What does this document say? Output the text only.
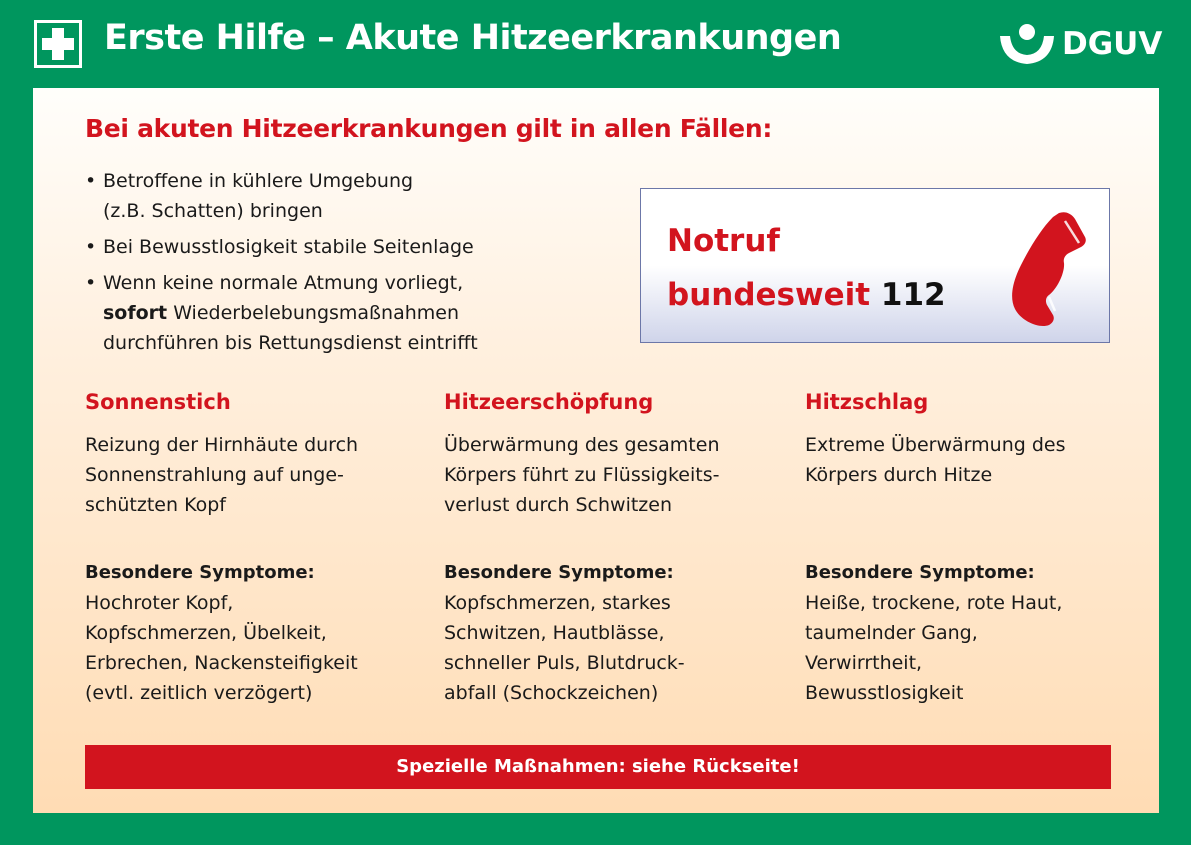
Erste Hilfe – Akute Hitzeerkrankungen	DGUV
Bei akuten Hitzeerkrankungen gilt in allen Fällen:
• Betroffene in kühlere Umgebung
(z.B. Schatten) bringen
• Bei Bewusstlosigkeit stabile Seitenlage
• Wenn keine normale Atmung vorliegt,
sofort Wiederbelebungsmaßnahmen
durchführen bis Rettungsdienst eintrifft
Notruf
bundesweit 112
Sonnenstich
Reizung der Hirnhäute durch
Sonnenstrahlung auf unge-
schützten Kopf
Besondere Symptome:
Hochroter Kopf,
Kopfschmerzen, Übelkeit,
Erbrechen, Nackensteifigkeit
(evtl. zeitlich verzögert)
Hitzeerschöpfung
Überwärmung des gesamten
Körpers führt zu Flüssigkeits-
verlust durch Schwitzen
Besondere Symptome:
Kopfschmerzen, starkes
Schwitzen, Hautblässe,
schneller Puls, Blutdruck-
abfall (Schockzeichen)
Hitzschlag
Extreme Überwärmung des
Körpers durch Hitze
Besondere Symptome:
Heiße, trockene, rote Haut,
taumelnder Gang,
Verwirrtheit,
Bewusstlosigkeit
Spezielle Maßnahmen: siehe Rückseite!
